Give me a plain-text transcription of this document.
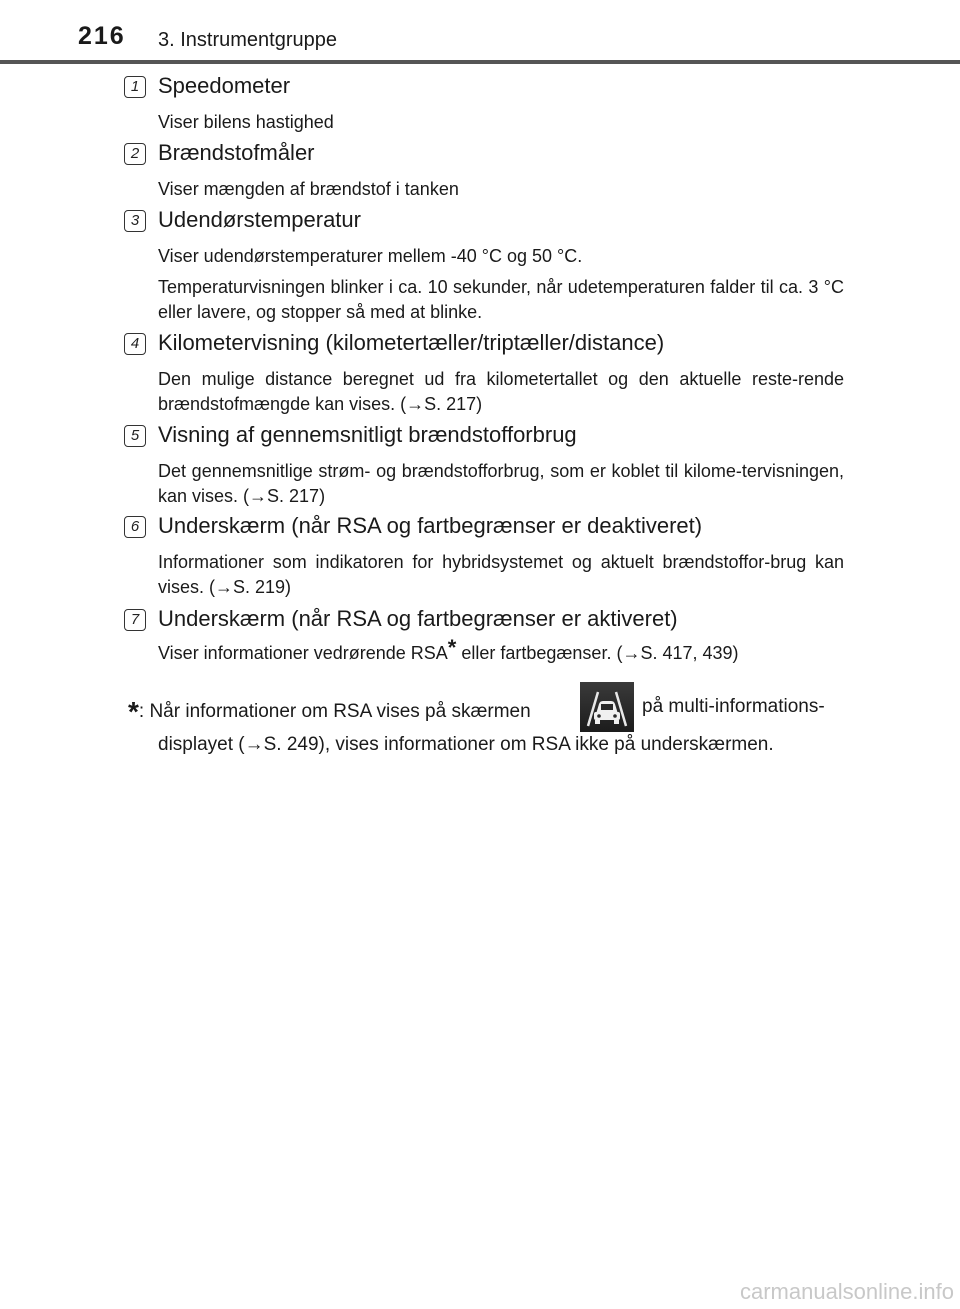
216 3. Instrumentgruppe
1 Speedometer

Viser bilens hastighed

2 Brændstofmåler

Viser mængden af brændstof i tanken

3 Udendørstemperatur

Viser udendørstemperaturer mellem -40 °C og 50 °C.

Temperaturvisningen blinker i ca. 10 sekunder, når udetemperaturen falder til ca. 3 °C eller lavere, og stopper så med at blinke.

4 Kilometervisning (kilometertæller/triptæller/distance)

Den mulige distance beregnet ud fra kilometertallet og den aktuelle reste-rende brændstofmængde kan vises. (→S. 217)

5 Visning af gennemsnitligt brændstofforbrug

Det gennemsnitlige strøm- og brændstofforbrug, som er koblet til kilome-tervisningen, kan vises. (→S. 217)

6 Underskærm (når RSA og fartbegrænser er deaktiveret)

Informationer som indikatoren for hybridsystemet og aktuelt brændstoffor-brug kan vises. (→S. 219)

7 Underskærm (når RSA og fartbegrænser er aktiveret)

Viser informationer vedrørende RSA* eller fartbegænser. (→S. 417, 439)

*: Når informationer om RSA vises på skærmen	på multi-informations-
displayet (→S. 249), vises informationer om RSA ikke på underskærmen.
carmanualsonline.info
